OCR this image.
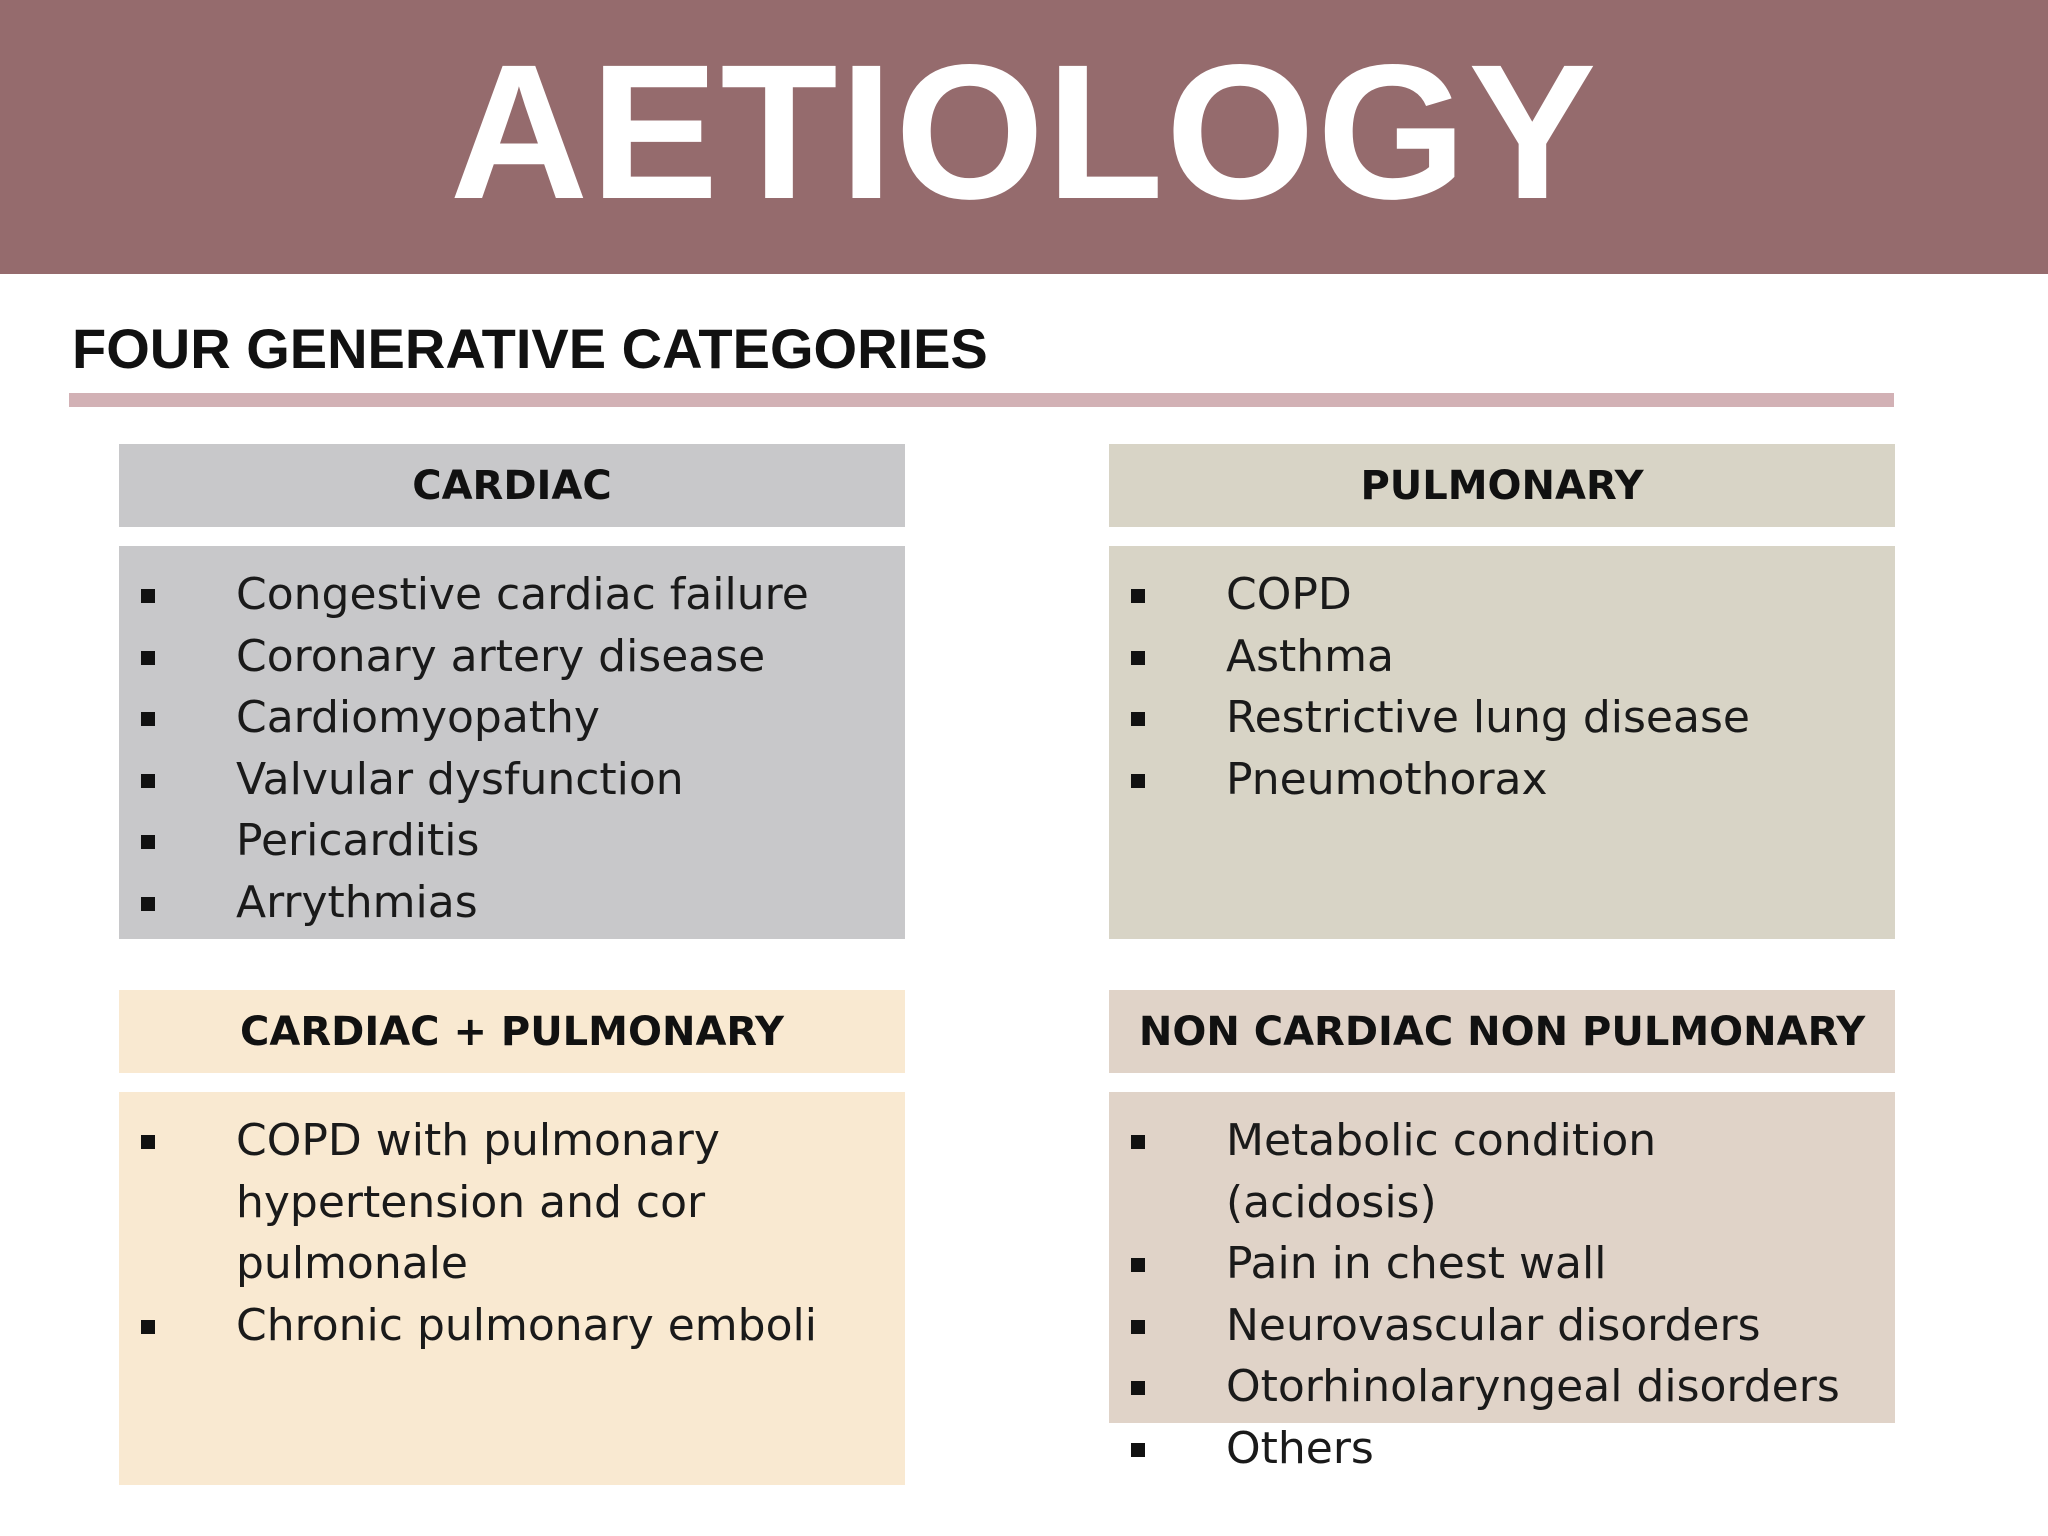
AETIOLOGY
FOUR GENERATIVE CATEGORIES
CARDIAC
Congestive cardiac failure
Coronary artery disease
Cardiomyopathy
Valvular dysfunction
Pericarditis
Arrythmias
PULMONARY
COPD
Asthma
Restrictive lung disease
Pneumothorax
CARDIAC + PULMONARY
COPD with pulmonary hypertension and cor pulmonale
Chronic pulmonary emboli
NON CARDIAC NON PULMONARY
Metabolic condition (acidosis)
Pain in chest wall
Neurovascular disorders
Otorhinolaryngeal disorders
Others
